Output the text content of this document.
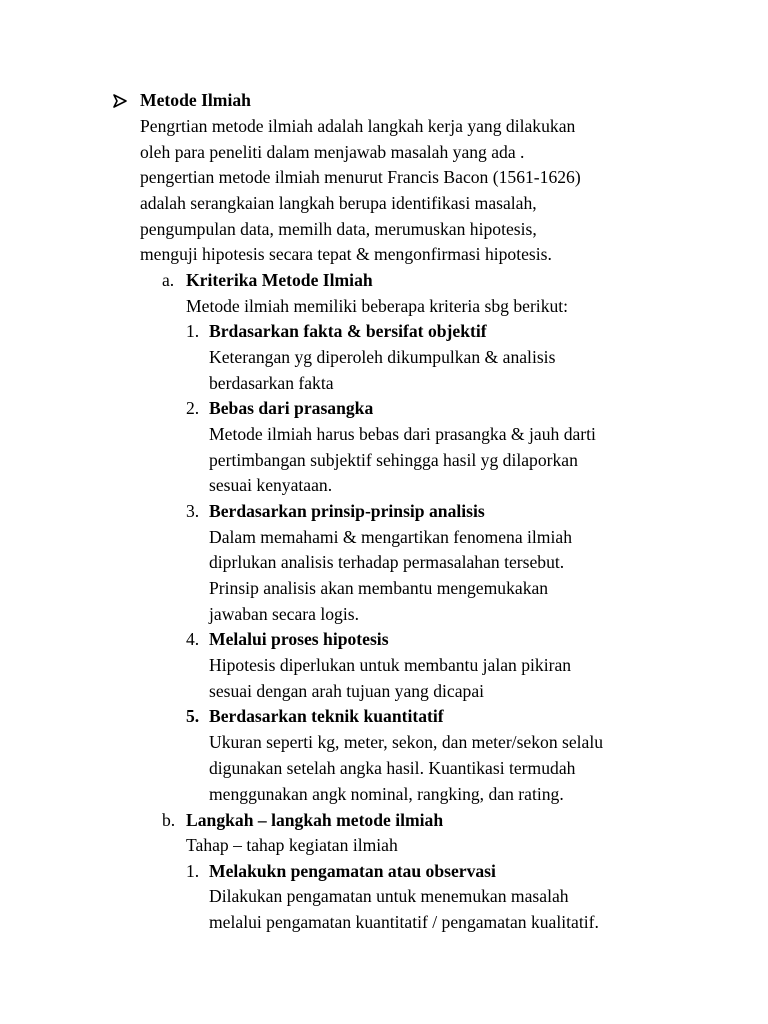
Metode Ilmiah
Pengrtian metode ilmiah adalah langkah kerja yang dilakukan
oleh para peneliti dalam menjawab masalah yang ada .
pengertian metode ilmiah menurut Francis Bacon (1561-1626)
adalah serangkaian langkah berupa identifikasi masalah,
pengumpulan data, memilh data, merumuskan hipotesis,
menguji hipotesis secara tepat & mengonfirmasi hipotesis.
a. Kriterika Metode Ilmiah
Metode ilmiah memiliki beberapa kriteria sbg berikut:
1. Brdasarkan fakta & bersifat objektif
Keterangan yg diperoleh dikumpulkan & analisis
berdasarkan fakta
2. Bebas dari prasangka
Metode ilmiah harus bebas dari prasangka & jauh darti
pertimbangan subjektif sehingga hasil yg dilaporkan
sesuai kenyataan.
3. Berdasarkan prinsip-prinsip analisis
Dalam memahami & mengartikan fenomena ilmiah
diprlukan analisis terhadap permasalahan tersebut.
Prinsip analisis akan membantu mengemukakan
jawaban secara logis.
4. Melalui proses hipotesis
Hipotesis diperlukan untuk membantu jalan pikiran
sesuai dengan arah tujuan yang dicapai
5. Berdasarkan teknik kuantitatif
Ukuran seperti kg, meter, sekon, dan meter/sekon selalu
digunakan setelah angka hasil. Kuantikasi termudah
menggunakan angk nominal, rangking, dan rating.
b. Langkah – langkah metode ilmiah
Tahap – tahap kegiatan ilmiah
1. Melakukn pengamatan atau observasi
Dilakukan pengamatan untuk menemukan masalah
melalui pengamatan kuantitatif / pengamatan kualitatif.
